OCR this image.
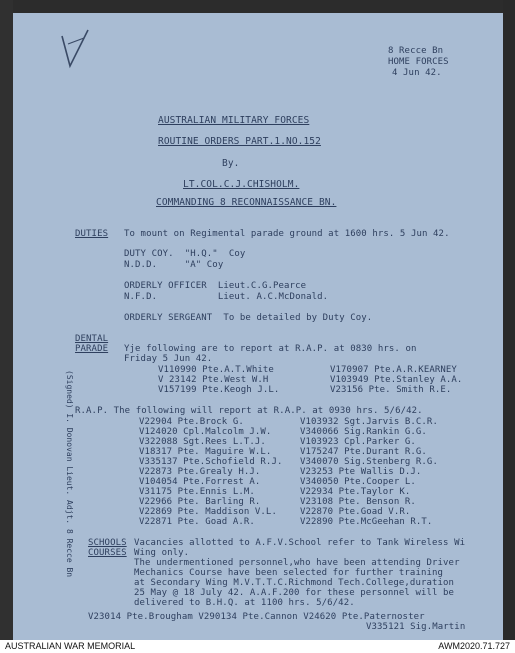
8 Recce Bn
HOME FORCES
4 Jun 42.
AUSTRALIAN MILITARY FORCES
ROUTINE ORDERS PART.1.NO.152
By.
LT.COL.C.J.CHISHOLM.
COMMANDING 8 RECONNAISSANCE BN.
DUTIES To mount on Regimental parade ground at 1600 hrs. 5 Jun 42.
DUTY COY.  "H.Q."  Coy
N.D.D.     "A" Coy
ORDERLY OFFICER  Lieut.C.G.Pearce
N.F.D.           Lieut. A.C.McDonald.
ORDERLY SERGEANT  To be detailed by Duty Coy.
DENTAL
PARADE Yje following are to report at R.A.P. at 0830 hrs. on
Friday 5 Jun 42.
V110990 Pte.A.T.White	V170907 Pte.A.R.KEARNEY
V 23142 Pte.West W.H	V103949 Pte.Stanley A.A.
V157199 Pte.Keogh J.L.	V23156 Pte. Smith R.E.
R.A.P. The following will report at R.A.P. at 0930 hrs. 5/6/42.
V22904 Pte.Brock G.	V103932 Sgt.Jarvis B.C.R.
V124020 Cpl.Malcolm J.W.	V340066 Sig.Rankin G.G.
V322088 Sgt.Rees L.T.J.	V103923 Cpl.Parker G.
V18317 Pte. Maguire W.L.	V175247 Pte.Durant R.G.
V335137 Pte.Schofield R.J. V340070 Sig.Stenberg R.G.
V22873 Pte.Grealy H.J.	V23253 Pte Wallis D.J.
V104054 Pte.Forrest A.	V340050 Pte.Cooper L.
V31175 Pte.Ennis L.M.	V22934 Pte.Taylor K.
V22966 Pte. Barling R.	V23108 Pte. Benson R.
V22869 Pte. Maddison V.L.	V22870 Pte.Goad V.R.
V22871 Pte. Goad A.R.	V22890 Pte.McGeehan R.T.
SCHOOLS
COURSES
Vacancies allotted to A.F.V.School refer to Tank Wireless Wi
Wing only.
The undermentioned personnel,who have been attending Driver
Mechanics Course have been selected for further training
at Secondary Wing M.V.T.T.C.Richmond Tech.College,duration
25 May @ 18 July 42. A.A.F.200 for these personnel will be
delivered to B.H.Q. at 1100 hrs. 5/6/42.
V23014 Pte.Brougham V290134 Pte.Cannon V24620 Pte.Paternoster
V335121 Sig.Martin
(Signed) I. Donovan Lieut. Adjt. 8 Recce Bn
AUSTRALIAN WAR MEMORIAL	AWM2020.71.727
